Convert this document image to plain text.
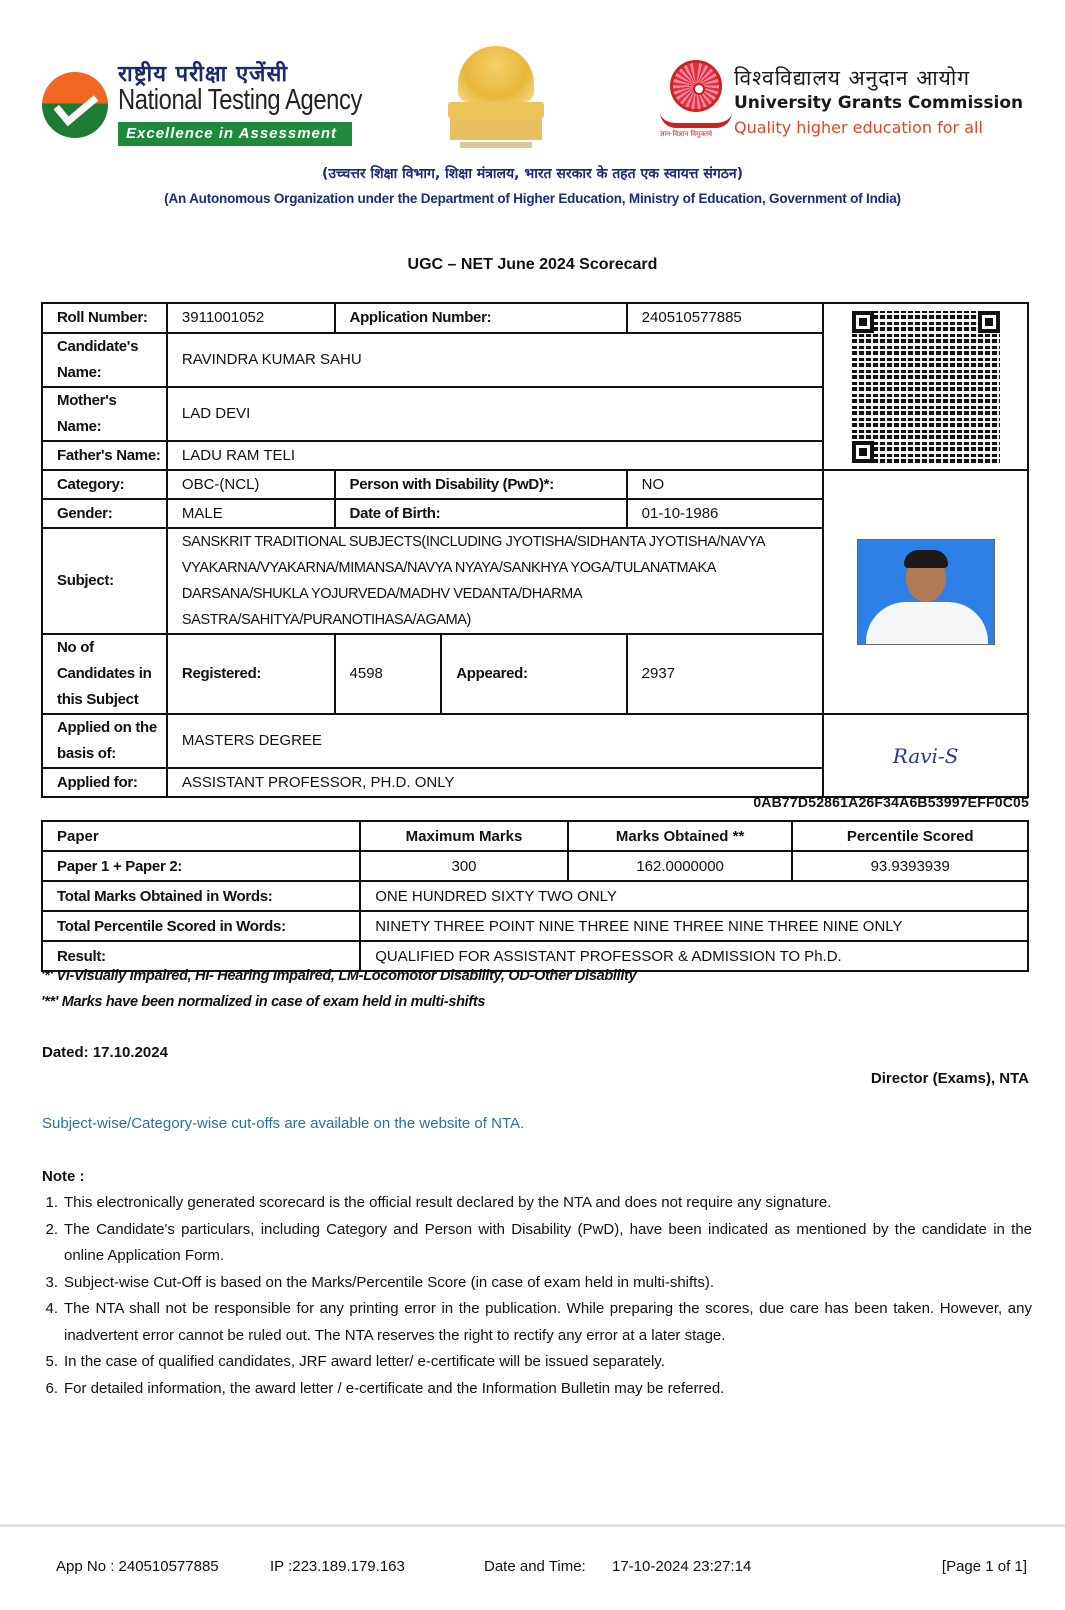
राष्ट्रीय परीक्षा एजेंसी
National Testing Agency
Excellence in Assessment	ज्ञान-विज्ञान विमुक्तये
विश्वविद्यालय अनुदान आयोग
University Grants Commission
Quality higher education for all
(उच्चत्तर शिक्षा विभाग, शिक्षा मंत्रालय, भारत सरकार के तहत एक स्वायत्त संगठन)
(An Autonomous Organization under the Department of Higher Education, Ministry of Education, Government of India)
UGC – NET June 2024 Scorecard
Roll Number:	3911001052	Application Number:		240510577885	

Candidate's Name:	RAVINDRA KUMAR SAHU				
Mother's Name:	LAD DEVI				
Father's Name:	LADU RAM TELI				
Category:	OBC-(NCL)	Person with Disability (PwD)*:		NO	

Gender:	MALE	Date of Birth:		01-10-1986	
Subject:	SANSKRIT TRADITIONAL SUBJECTS(INCLUDING JYOTISHA/SIDHANTA JYOTISHA/NAVYA VYAKARNA/VYAKARNA/MIMANSA/NAVYA NYAYA/SANKHYA YOGA/TULANATMAKA DARSANA/SHUKLA YOJURVEDA/MADHV VEDANTA/DHARMA SASTRA/SAHITYA/PURANOTIHASA/AGAMA)				
No of Candidates in this Subject	Registered:	4598	Appeared:	2937	
Applied on the basis of:	MASTERS DEGREE				Ravi-S

Applied for:	ASSISTANT PROFESSOR, PH.D. ONLY				
0AB77D52861A26F34A6B53997EFF0C05
Paper	Maximum Marks	Marks Obtained **	Percentile Scored
Paper 1 + Paper 2:	300	162.0000000	93.9393939
Total Marks Obtained in Words:	ONE HUNDRED SIXTY TWO ONLY		
Total Percentile Scored in Words:	NINETY THREE POINT NINE THREE NINE THREE NINE THREE NINE ONLY		
Result:	QUALIFIED FOR ASSISTANT PROFESSOR & ADMISSION TO Ph.D.		
'*' VI-Visually Impaired, HI- Hearing Impaired, LM-Locomotor Disability, OD-Other Disability
'**' Marks have been normalized in case of exam held in multi-shifts
Dated: 17.10.2024
Director (Exams), NTA
Subject-wise/Category-wise cut-offs are available on the website of NTA.
Note :
1. This electronically generated scorecard is the official result declared by the NTA and does not require any signature.
2. The Candidate's particulars, including Category and Person with Disability (PwD), have been indicated as mentioned by the candidate in the online Application Form.
3. Subject-wise Cut-Off is based on the Marks/Percentile Score (in case of exam held in multi-shifts).
4. The NTA shall not be responsible for any printing error in the publication. While preparing the scores, due care has been taken. However, any inadvertent error cannot be ruled out. The NTA reserves the right to rectify any error at a later stage.
5. In the case of qualified candidates, JRF award letter/ e-certificate will be issued separately.
6. For detailed information, the award letter / e-certificate and the Information Bulletin may be referred.
App No : 240510577885	IP :223.189.179.163	Date and Time: 17-10-2024 23:27:14	[Page 1 of 1]
